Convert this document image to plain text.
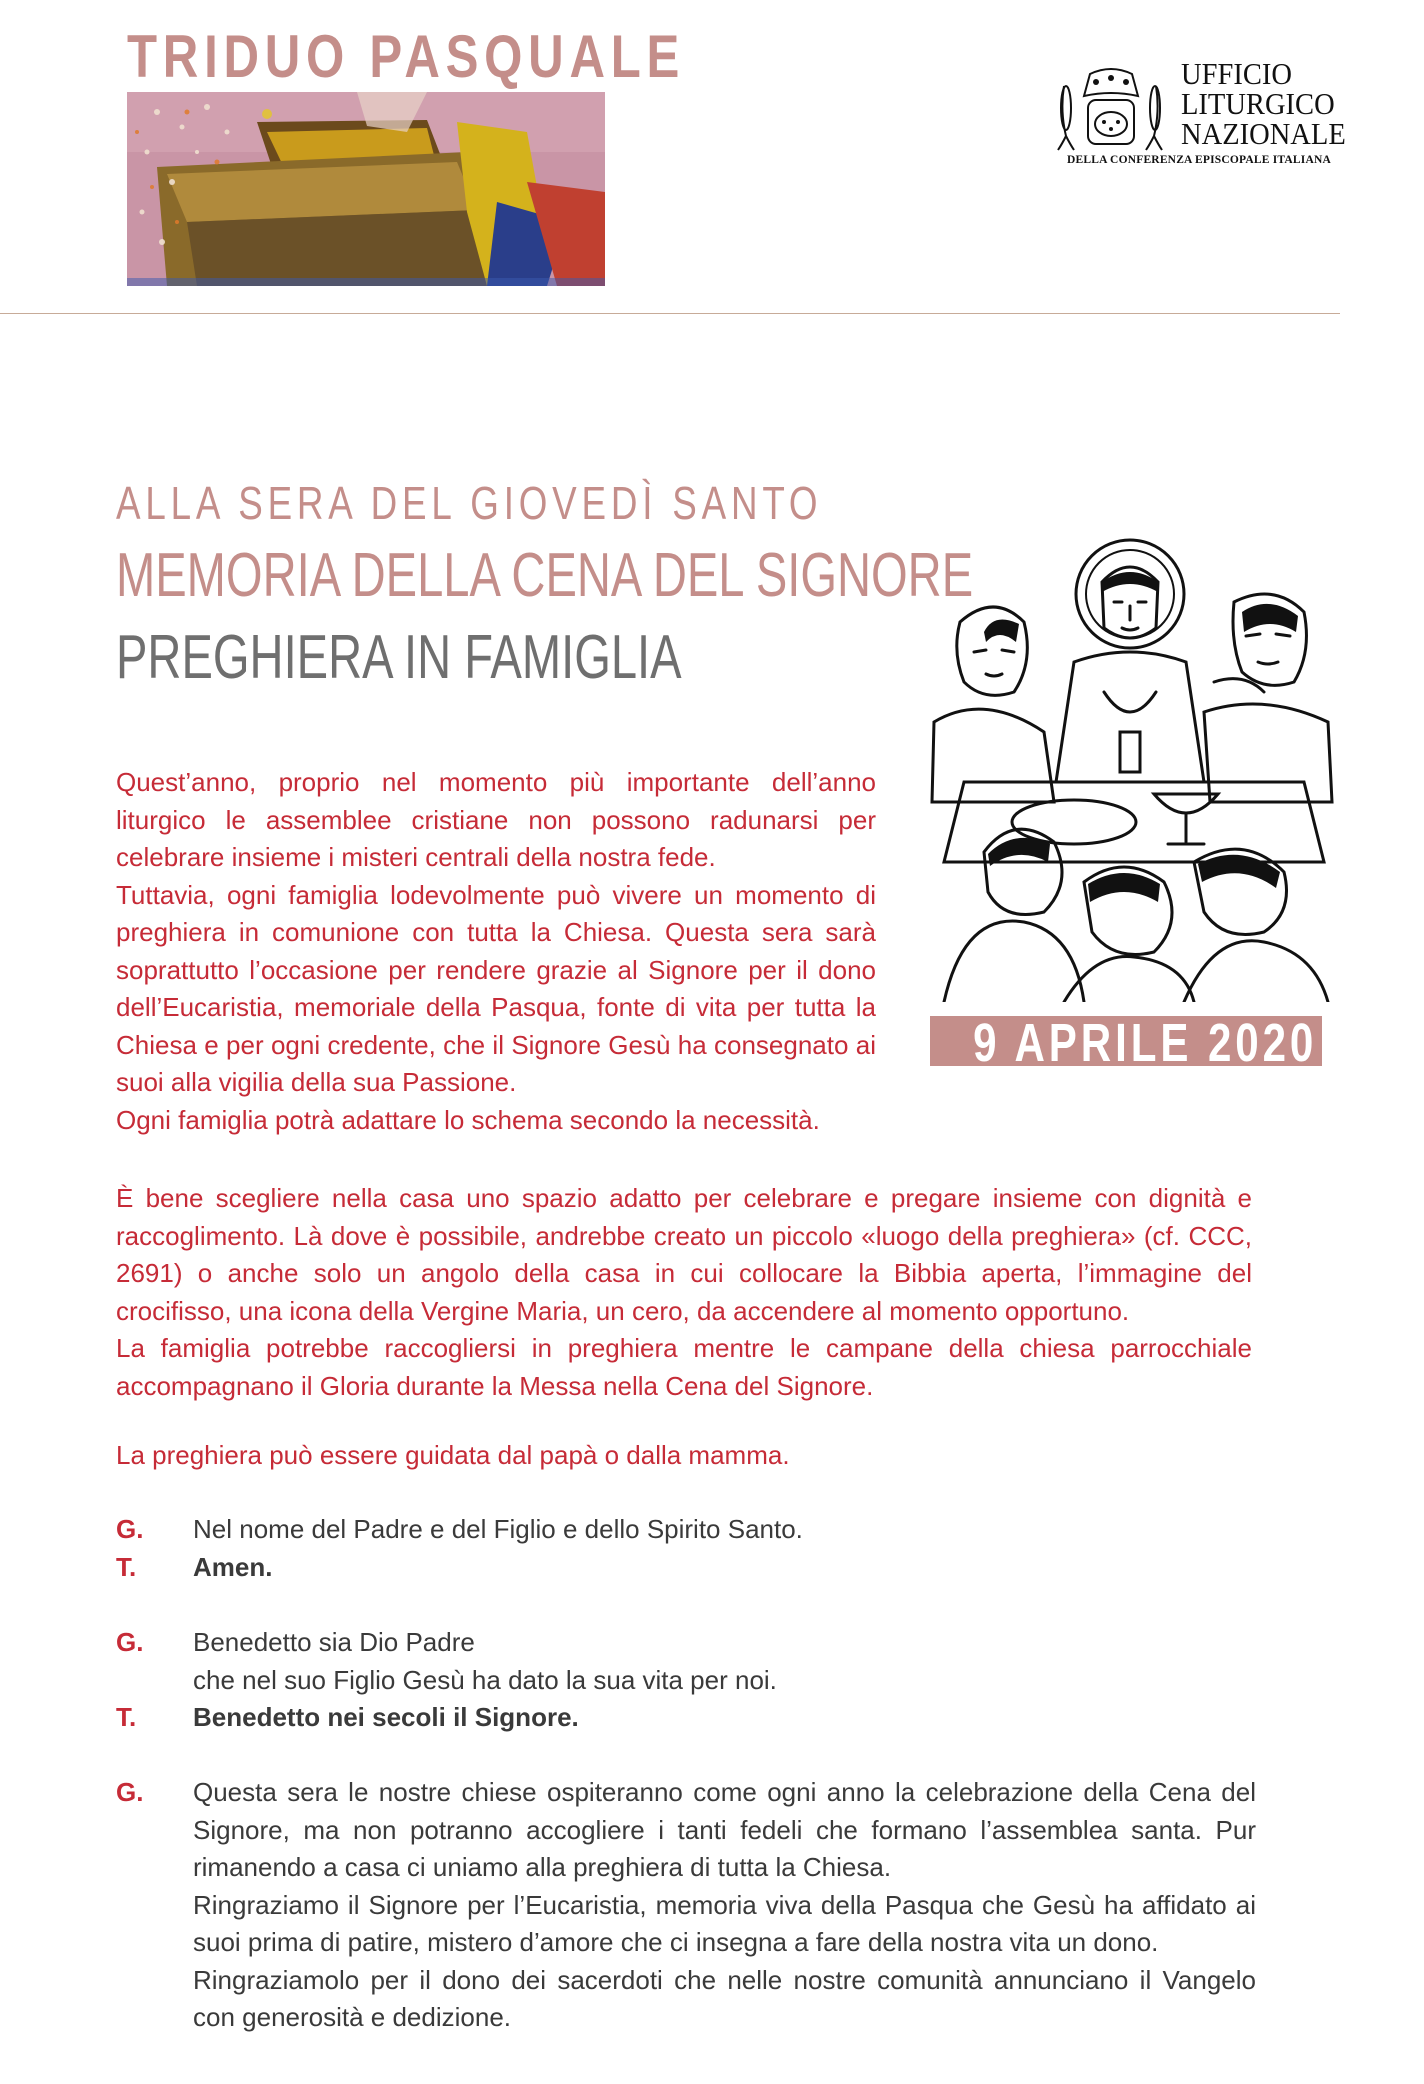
TRIDUO PASQUALE	UFFICIO
LITURGICO
NAZIONALE
DELLA CONFERENZA EPISCOPALE ITALIANA
ALLA SERA DEL GIOVEDÌ SANTO
MEMORIA DELLA CENA DEL SIGNORE
PREGHIERA IN FAMIGLIA
9 APRILE 2020

Quest’anno, proprio nel momento più importante dell’anno liturgico le assemblee cristiane non possono radunarsi per celebrare insieme i misteri centrali della nostra fede.

Tuttavia, ogni famiglia lodevolmente può vivere un momento di preghiera in comunione con tutta la Chiesa. Questa sera sarà soprattutto l’occasione per rendere grazie al Signore per il dono dell’Eucaristia, memoriale della Pasqua, fonte di vita per tutta la Chiesa e per ogni credente, che il Signore Gesù ha consegnato ai suoi alla vigilia della sua Passione.

Ogni famiglia potrà adattare lo schema secondo la necessità.

È bene scegliere nella casa uno spazio adatto per celebrare e pregare insieme con dignità e raccoglimento. Là dove è possibile, andrebbe creato un piccolo «luogo della preghiera» (cf. CCC, 2691) o anche solo un angolo della casa in cui collocare la Bibbia aperta, l’immagine del crocifisso, una icona della Vergine Maria, un cero, da accendere al momento opportuno.

La famiglia potrebbe raccogliersi in preghiera mentre le campane della chiesa parrocchiale accompagnano il Gloria durante la Messa nella Cena del Signore.

La preghiera può essere guidata dal papà o dalla mamma.
G.	Nel nome del Padre e del Figlio e dello Spirito Santo.
T.	Amen.
G.	Benedetto sia Dio Padre
che nel suo Figlio Gesù ha dato la sua vita per noi.
T.	Benedetto nei secoli il Signore.
G.	Questa sera le nostre chiese ospiteranno come ogni anno la celebrazione della Cena del Signore, ma non potranno accogliere i tanti fedeli che formano l’assemblea santa. Pur rimanendo a casa ci uniamo alla preghiera di tutta la Chiesa.
Ringraziamo il Signore per l’Eucaristia, memoria viva della Pasqua che Gesù ha affidato ai suoi prima di patire, mistero d’amore che ci insegna a fare della nostra vita un dono.
Ringraziamolo per il dono dei sacerdoti che nelle nostre comunità annunciano il Vangelo con generosità e dedizione.
